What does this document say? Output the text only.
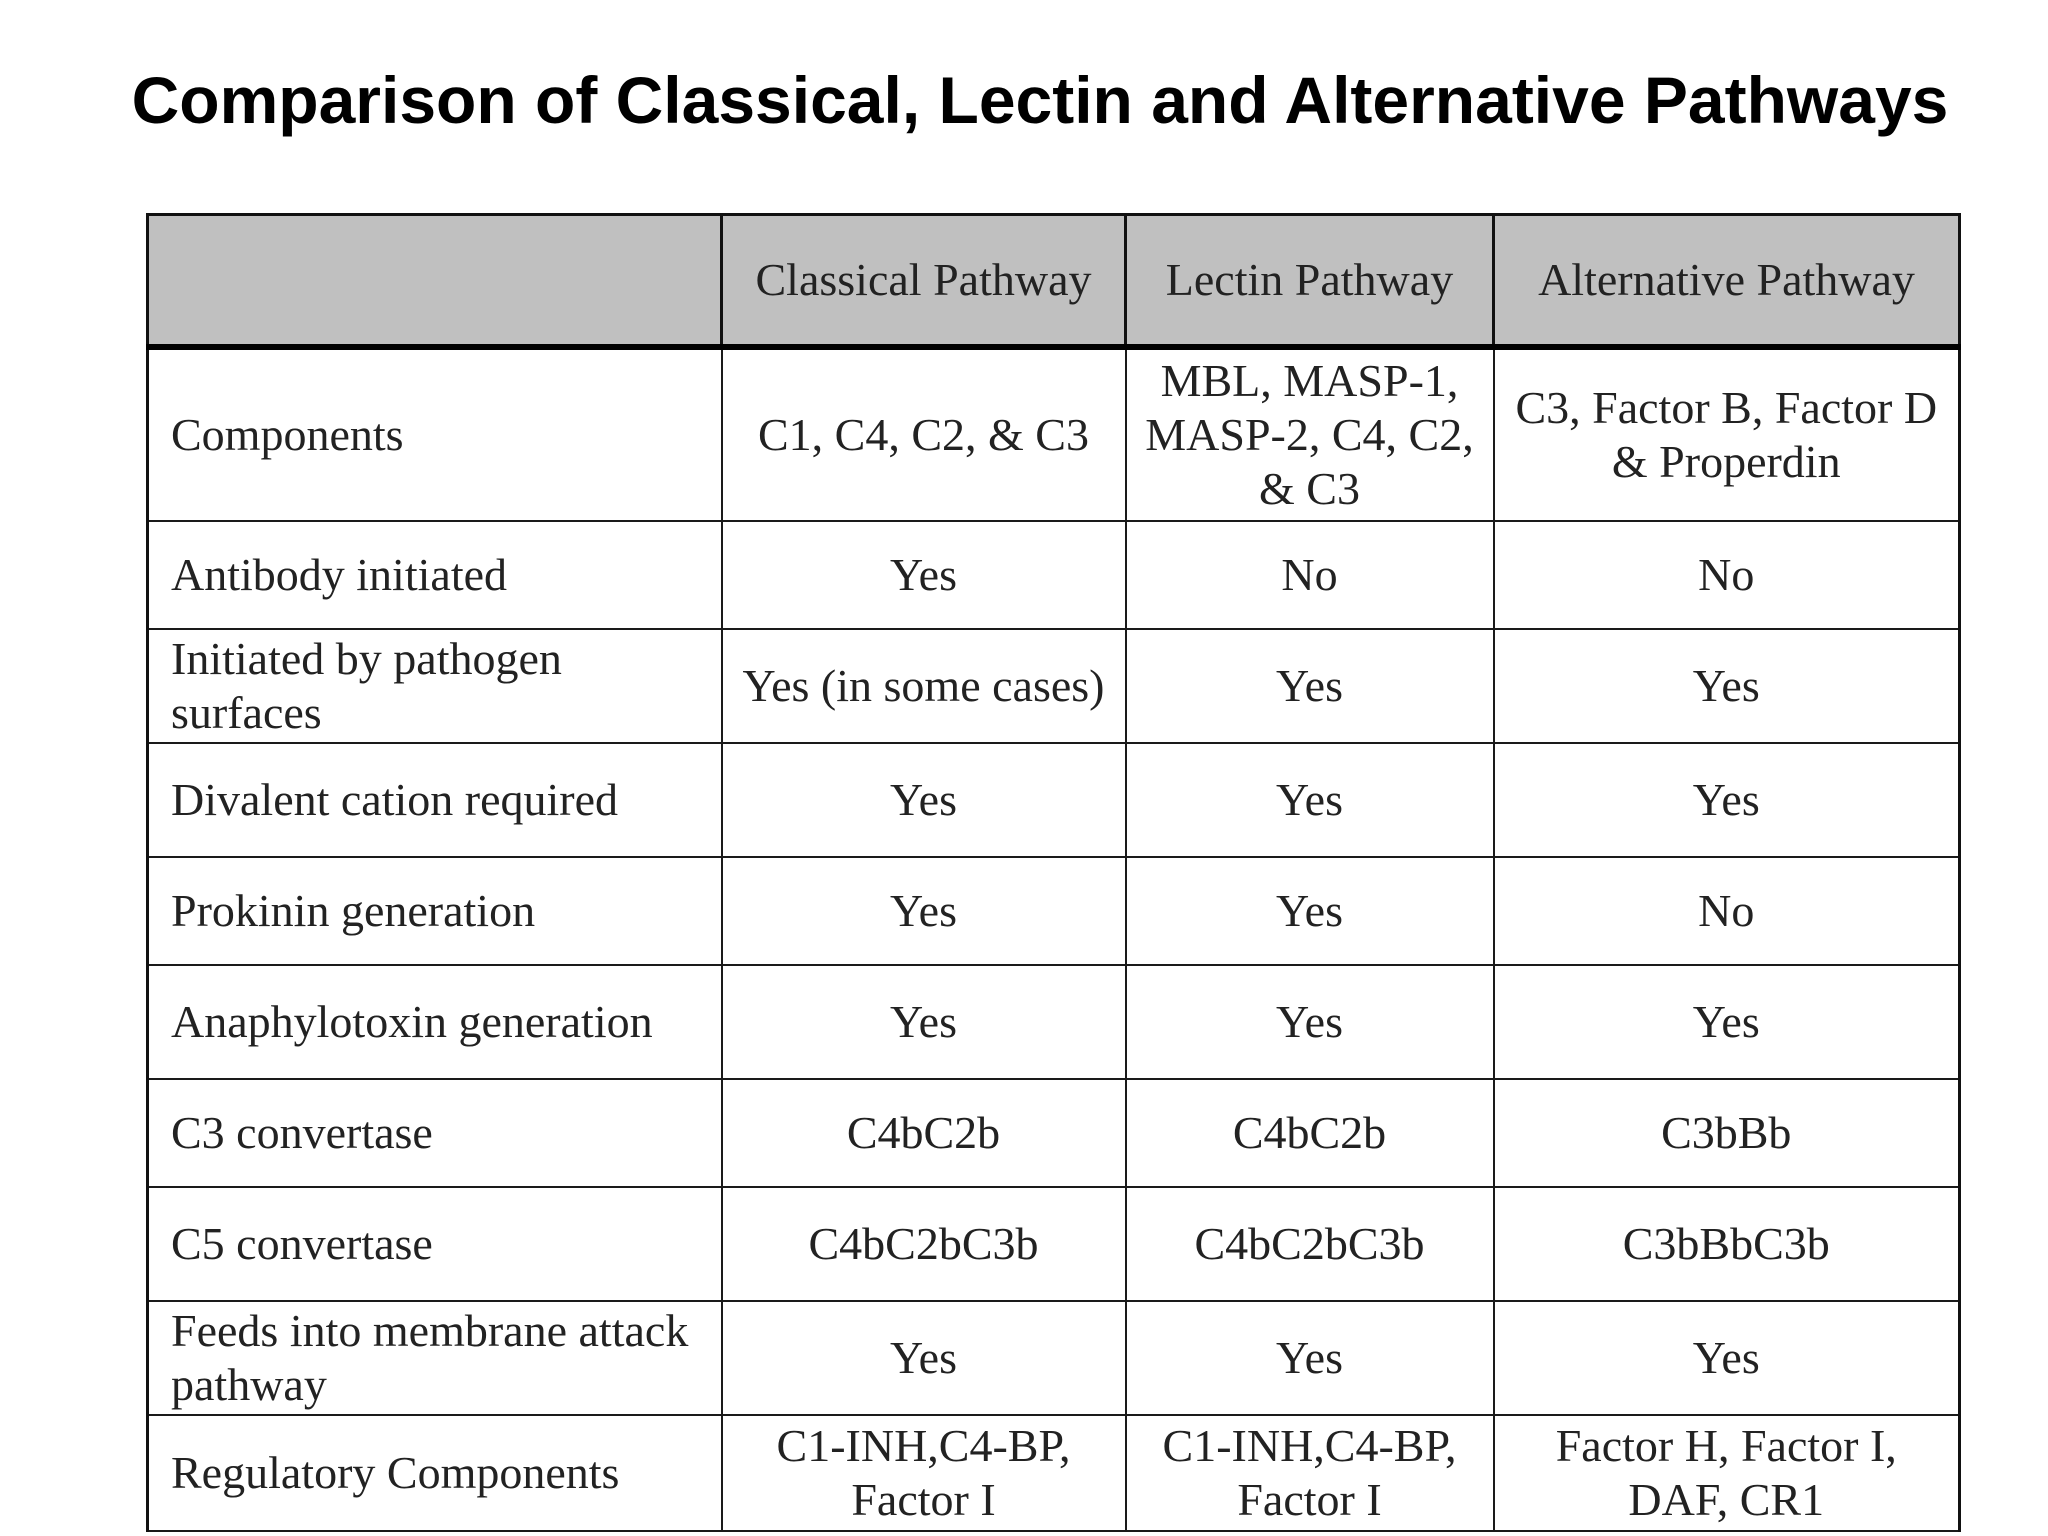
Comparison of Classical, Lectin and Alternative Pathways
	Classical Pathway	Lectin Pathway	Alternative Pathway
Components	C1, C4, C2, & C3	MBL, MASP-1, MASP-2, C4, C2, & C3	C3, Factor B, Factor D & Properdin
Antibody initiated	Yes	No	No
Initiated by pathogen surfaces	Yes (in some cases)	Yes	Yes
Divalent cation required	Yes	Yes	Yes
Prokinin generation	Yes	Yes	No
Anaphylotoxin generation	Yes	Yes	Yes
C3 convertase	C4bC2b	C4bC2b	C3bBb
C5 convertase	C4bC2bC3b	C4bC2bC3b	C3bBbC3b
Feeds into membrane attack pathway	Yes	Yes	Yes
Regulatory Components	C1-INH,C4-BP, Factor I	C1-INH,C4-BP, Factor I	Factor H, Factor I, DAF, CR1
